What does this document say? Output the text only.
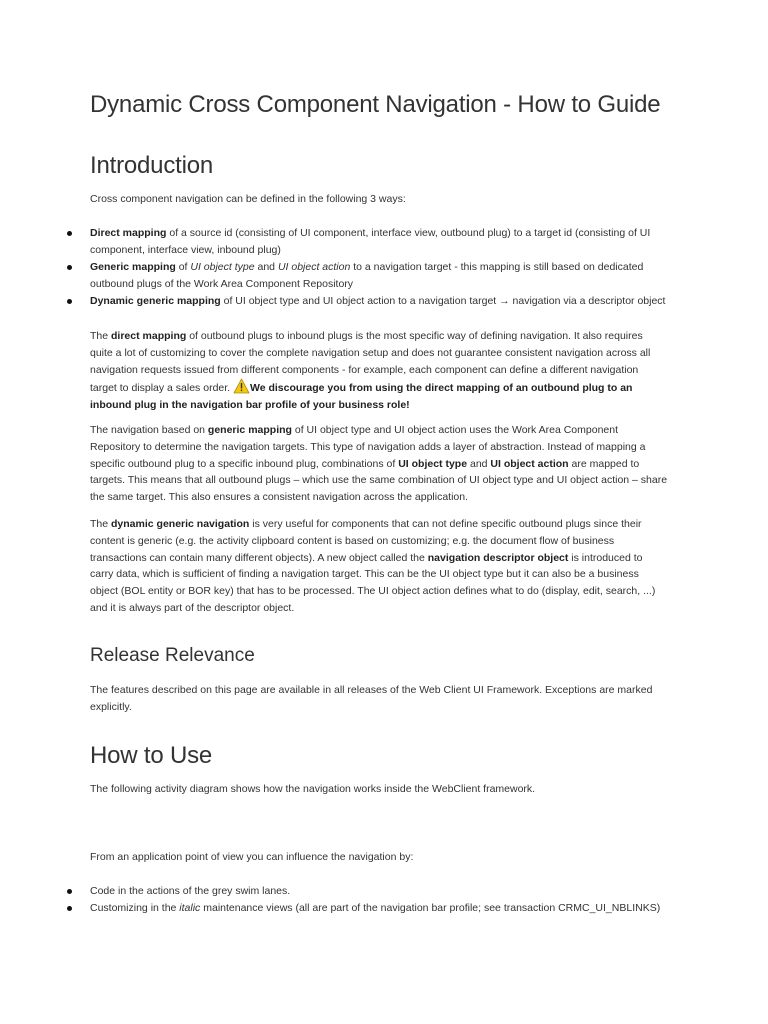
Dynamic Cross Component Navigation - How to Guide
Introduction
Cross component navigation can be defined in the following 3 ways:
Direct mapping of a source id (consisting of UI component, interface view, outbound plug) to a target id (consisting of UI
component, interface view, inbound plug)
Generic mapping of UI object type and UI object action to a navigation target - this mapping is still based on dedicated
outbound plugs of the Work Area Component Repository
Dynamic generic mapping of UI object type and UI object action to a navigation target → navigation via a descriptor object
The direct mapping of outbound plugs to inbound plugs is the most specific way of defining navigation. It also requires
quite a lot of customizing to cover the complete navigation setup and does not guarantee consistent navigation across all
navigation requests issued from different components - for example, each component can define a different navigation
target to display a sales order. We discourage you from using the direct mapping of an outbound plug to an
inbound plug in the navigation bar profile of your business role!
The navigation based on generic mapping of UI object type and UI object action uses the Work Area Component
Repository to determine the navigation targets. This type of navigation adds a layer of abstraction. Instead of mapping a
specific outbound plug to a specific inbound plug, combinations of UI object type and UI object action are mapped to
targets. This means that all outbound plugs – which use the same combination of UI object type and UI object action – share
the same target. This also ensures a consistent navigation across the application.
The dynamic generic navigation is very useful for components that can not define specific outbound plugs since their
content is generic (e.g. the activity clipboard content is based on customizing; e.g. the document flow of business
transactions can contain many different objects). A new object called the navigation descriptor object is introduced to
carry data, which is sufficient of finding a navigation target. This can be the UI object type but it can also be a business
object (BOL entity or BOR key) that has to be processed. The UI object action defines what to do (display, edit, search, ...)
and it is always part of the descriptor object.
Release Relevance
The features described on this page are available in all releases of the Web Client UI Framework. Exceptions are marked
explicitly.
How to Use
The following activity diagram shows how the navigation works inside the WebClient framework.
From an application point of view you can influence the navigation by:
Code in the actions of the grey swim lanes.
Customizing in the italic maintenance views (all are part of the navigation bar profile; see transaction CRMC_UI_NBLINKS)
